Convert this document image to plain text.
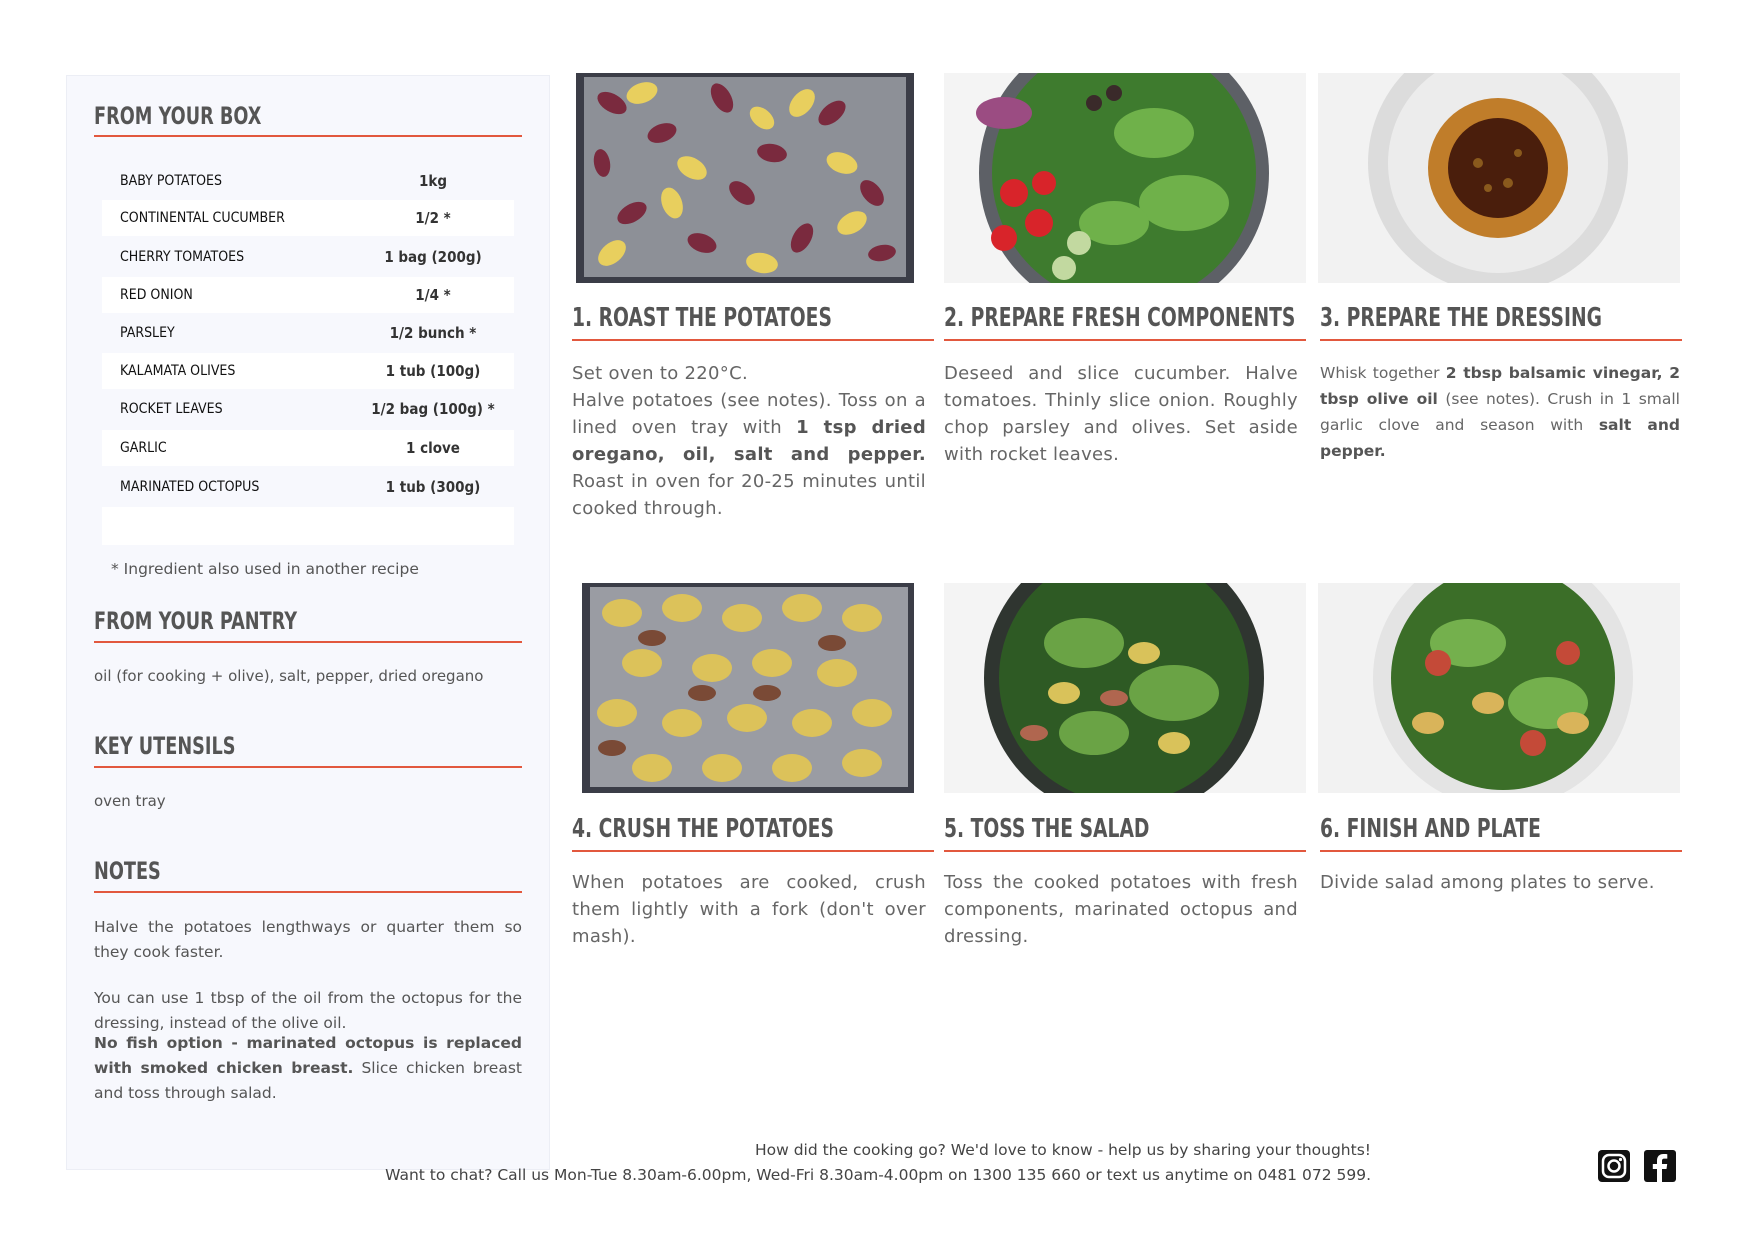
FROM YOUR BOX
BABY POTATOES	1kg
CONTINENTAL CUCUMBER	1/2 *
CHERRY TOMATOES	1 bag (200g)
RED ONION	1/4 *
PARSLEY	1/2 bunch *
KALAMATA OLIVES	1 tub (100g)
ROCKET LEAVES	1/2 bag (100g) *
GARLIC	1 clove
MARINATED OCTOPUS	1 tub (300g)
* Ingredient also used in another recipe
FROM YOUR PANTRY
oil (for cooking + olive), salt, pepper, dried oregano
KEY UTENSILS
oven tray
NOTES
Halve the potatoes lengthways or quarter them so they cook faster.
You can use 1 tbsp of the oil from the octopus for the dressing, instead of the olive oil.
No fish option - marinated octopus is replaced with smoked chicken breast. Slice chicken breast and toss through salad.
1. ROAST THE POTATOES	2. PREPARE FRESH COMPONENTS 3. PREPARE THE DRESSING
4. CRUSH THE POTATOES	5. TOSS THE SALAD	6. FINISH AND PLATE
Set oven to 220°C.
Halve potatoes (see notes). Toss on a lined oven tray with 1 tsp dried oregano, oil, salt and pepper. Roast in oven for 20-25 minutes until cooked through.
Deseed and slice cucumber. Halve tomatoes. Thinly slice onion. Roughly chop parsley and olives. Set aside with rocket leaves.
Whisk together 2 tbsp balsamic vinegar, 2 tbsp olive oil (see notes). Crush in 1 small garlic clove and season with salt and pepper.
When potatoes are cooked, crush them lightly with a fork (don't over mash).
Toss the cooked potatoes with fresh components, marinated octopus and dressing.
Divide salad among plates to serve.
How did the cooking go? We'd love to know - help us by sharing your thoughts!
Want to chat? Call us Mon-Tue 8.30am-6.00pm, Wed-Fri 8.30am-4.00pm on 1300 135 660 or text us anytime on 0481 072 599.
